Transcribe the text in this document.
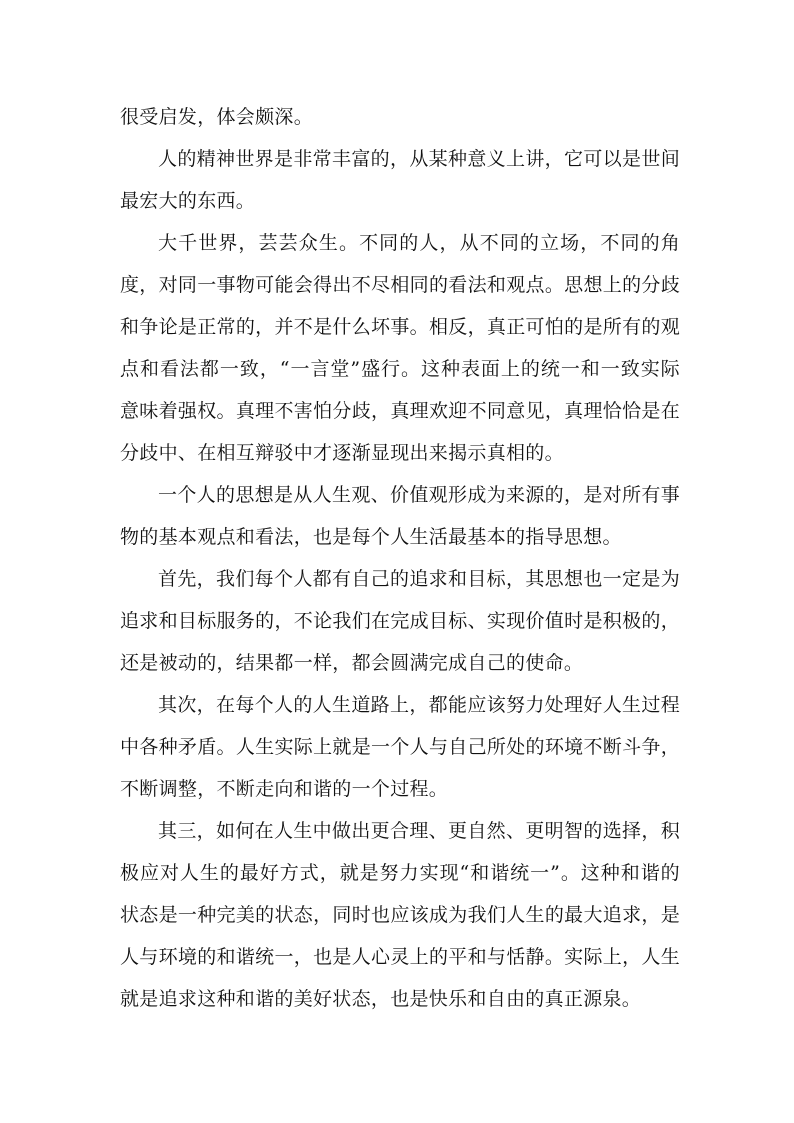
很受启发，体会颇深。

人的精神世界是非常丰富的，从某种意义上讲，它可以是世间最宏大的东西。

大千世界，芸芸众生。不同的人，从不同的立场，不同的角度，对同一事物可能会得出不尽相同的看法和观点。思想上的分歧和争论是正常的，并不是什么坏事。相反，真正可怕的是所有的观点和看法都一致，“一言堂”盛行。这种表面上的统一和一致实际意味着强权。真理不害怕分歧，真理欢迎不同意见，真理恰恰是在分歧中、在相互辩驳中才逐渐显现出来揭示真相的。

一个人的思想是从人生观、价值观形成为来源的，是对所有事物的基本观点和看法，也是每个人生活最基本的指导思想。

首先，我们每个人都有自己的追求和目标，其思想也一定是为追求和目标服务的，不论我们在完成目标、实现价值时是积极的，还是被动的，结果都一样，都会圆满完成自己的使命。

其次，在每个人的人生道路上，都能应该努力处理好人生过程中各种矛盾。人生实际上就是一个人与自己所处的环境不断斗争，不断调整，不断走向和谐的一个过程。

其三，如何在人生中做出更合理、更自然、更明智的选择，积极应对人生的最好方式，就是努力实现“和谐统一”。这种和谐的状态是一种完美的状态，同时也应该成为我们人生的最大追求，是人与环境的和谐统一，也是人心灵上的平和与恬静。实际上，人生就是追求这种和谐的美好状态，也是快乐和自由的真正源泉。
